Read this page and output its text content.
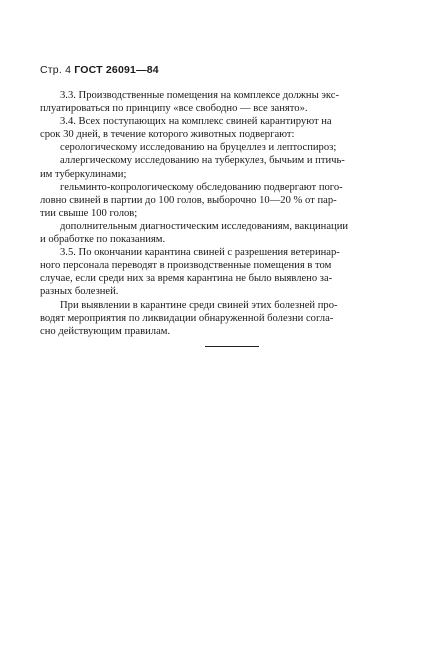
Стр. 4 ГОСТ 26091—84
3.3. Производственные помещения на комплексе должны экс-
плуатироваться по принципу «все свободно — все занято».
3.4. Всех поступающих на комплекс свиней карантируют на
срок 30 дней, в течение которого животных подвергают:
серологическому исследованию на бруцеллез и лептоспироз;
аллергическому исследованию на туберкулез, бычьим и птичь-
им туберкулинами;
гельминто-копрологическому обследованию подвергают пого-
ловно свиней в партии до 100 голов, выборочно 10—20 % от пар-
тии свыше 100 голов;
дополнительным диагностическим исследованиям, вакцинации
и обработке по показаниям.
3.5. По окончании карантина свиней с разрешения ветеринар-
ного персонала переводят в производственные помещения в том
случае, если среди них за время карантина не было выявлено за-
разных болезней.
При выявлении в карантине среди свиней этих болезней про-
водят мероприятия по ликвидации обнаруженной болезни согла-
сно действующим правилам.
